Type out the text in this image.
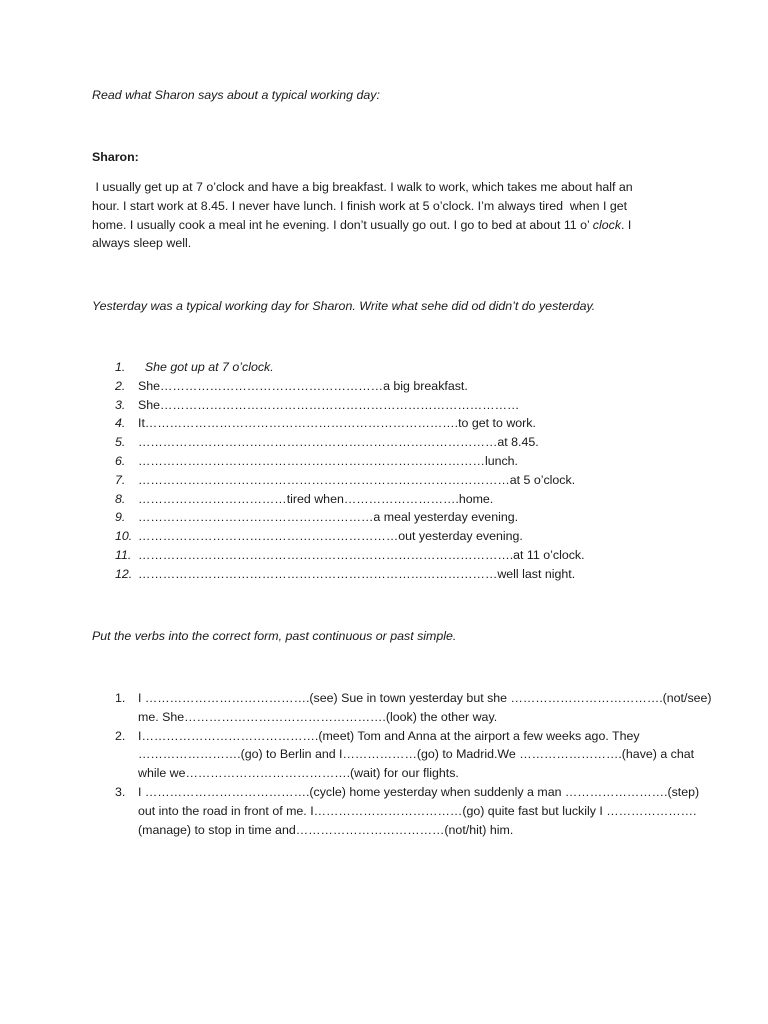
Read what Sharon says about a typical working day:
Sharon:
I usually get up at 7 o’clock and have a big breakfast. I walk to work, which takes me about half an
hour. I start work at 8.45. I never have lunch. I finish work at 5 o’clock. I’m always tired  when I get
home. I usually cook a meal int he evening. I don’t usually go out. I go to bed at about 11 o’ clock. I
always sleep well.
Yesterday was a typical working day for Sharon. Write what sehe did od didn’t do yesterday.
1. She got up at 7 o’clock.
2. She………………………………………………a big breakfast.
3. She……………………………………………………………………………
4. It………………………………………………………………….to get to work.
5. ……………………………………………………………………………at 8.45.
6. …………………………………………………………………………lunch.
7. ………………………………………………………………………………at 5 o’clock.
8. ………………………………tired when……………………….home.
9. …………………………………………………a meal yesterday evening.
10. ………………………………………………………out yesterday evening.
11. ……………………………………………………………………………….at 11 o’clock.
12. ……………………………………………………………………………well last night.
Put the verbs into the correct form, past continuous or past simple.
1. I ………………………………….(see) Sue in town yesterday but she ……………………………….(not/see)
me. She………………………………………….(look) the other way.
2. I…………………………………….(meet) Tom and Anna at the airport a few weeks ago. They
…………………….(go) to Berlin and I………………(go) to Madrid.We …………………….(have) a chat
while we………………………………….(wait) for our flights.
3. I ………………………………….(cycle) home yesterday when suddenly a man …………………….(step)
out into the road in front of me. I………………………………(go) quite fast but luckily I ………………….
(manage) to stop in time and………………………………(not/hit) him.
